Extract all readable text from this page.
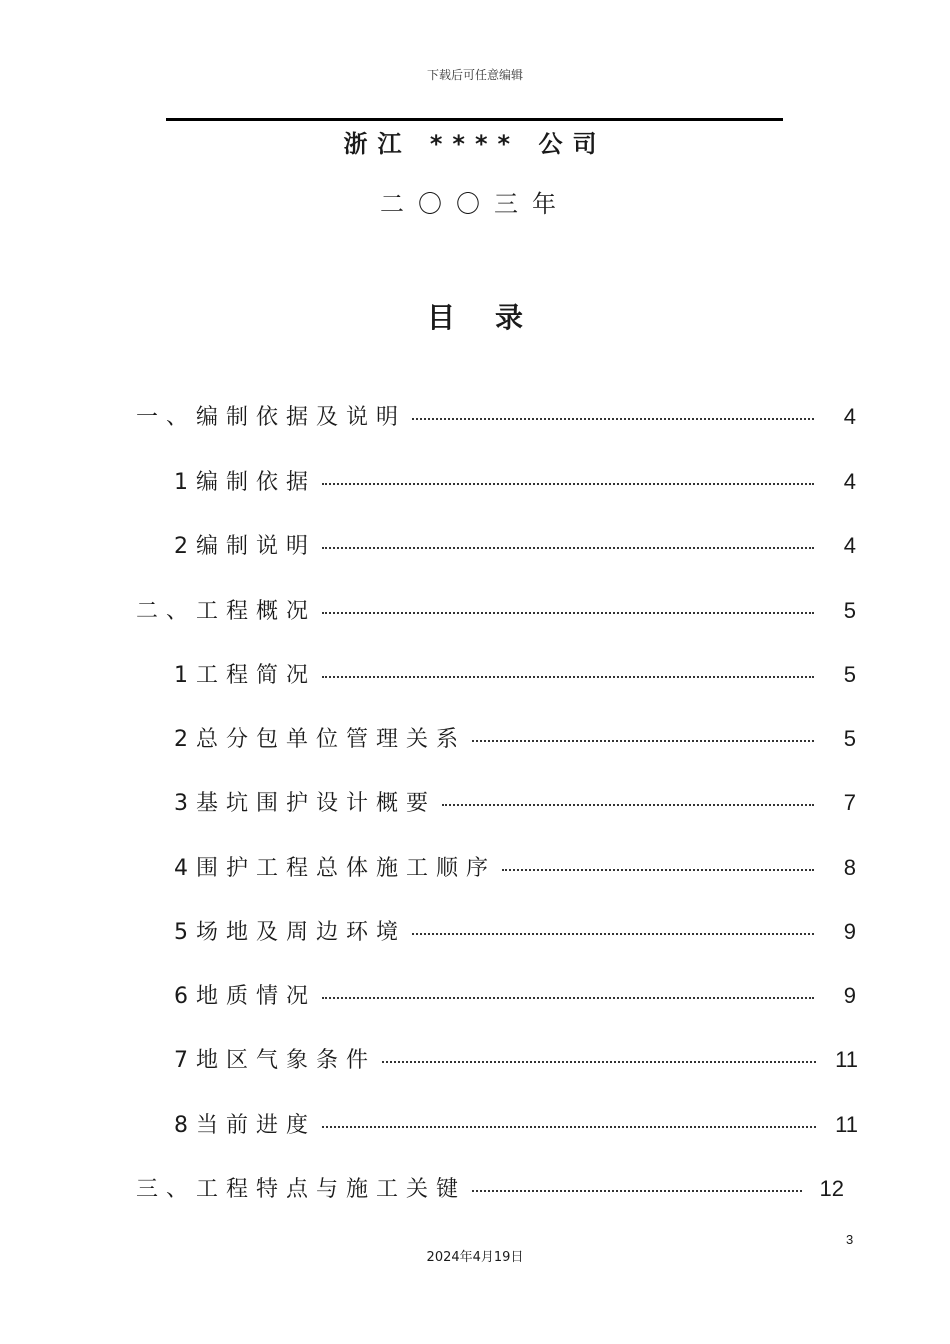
下载后可任意编辑
浙江 **** 公司
二〇〇三年
目录
一、编制依据及说明	4
1编制依据	4
2编制说明	4
二、工程概况	5
1工程简况	5
2总分包单位管理关系	5
3基坑围护设计概要	7
4围护工程总体施工顺序	8
5场地及周边环境	9
6地质情况	9
7地区气象条件	11
8当前进度	11
三、工程特点与施工关键	12
3
2024年4月19日
